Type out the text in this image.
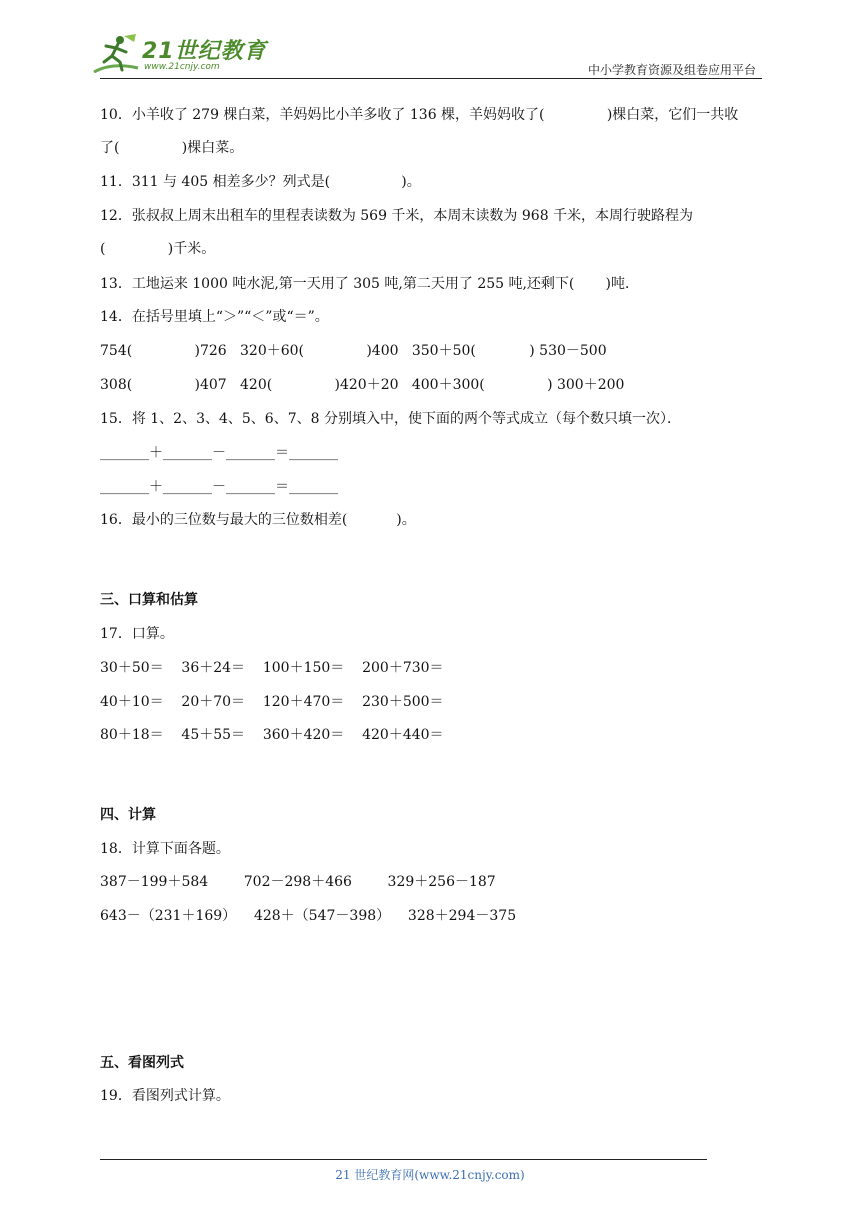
21世纪教育
www.21cnjy.com	中小学教育资源及组卷应用平台
10．小羊收了 279 棵白菜，羊妈妈比小羊多收了 136 棵，羊妈妈收了(              )棵白菜，它们一共收
了(              )棵白菜。
11．311 与 405 相差多少？列式是(                )。
12．张叔叔上周末出租车的里程表读数为 569 千米，本周末读数为 968 千米，本周行驶路程为
(              )千米。
13．工地运来 1000 吨水泥,第一天用了 305 吨,第二天用了 255 吨,还剩下(       )吨．
14．在括号里填上“＞”“＜”或“＝”。
754(              )726   320＋60(              )400   350＋50(            ) 530－500
308(              )407   420(              )420＋20   400＋300(              ) 300＋200
15．将 1、2、3、4、5、6、7、8 分别填入中，使下面的两个等式成立（每个数只填一次）．
_______＋_______－_______＝_______
_______＋_______－_______＝_______
16．最小的三位数与最大的三位数相差(           )。
三、口算和估算
17．口算。
30＋50＝    36＋24＝    100＋150＝    200＋730＝
40＋10＝    20＋70＝    120＋470＝    230＋500＝
80＋18＝    45＋55＝    360＋420＝    420＋440＝
四、计算
18．计算下面各题。
387－199＋584        702－298＋466        329＋256－187
643－（231＋169）    428＋（547－398）    328＋294－375
五、看图列式
19．看图列式计算。
21 世纪教育网(www.21cnjy.com)
